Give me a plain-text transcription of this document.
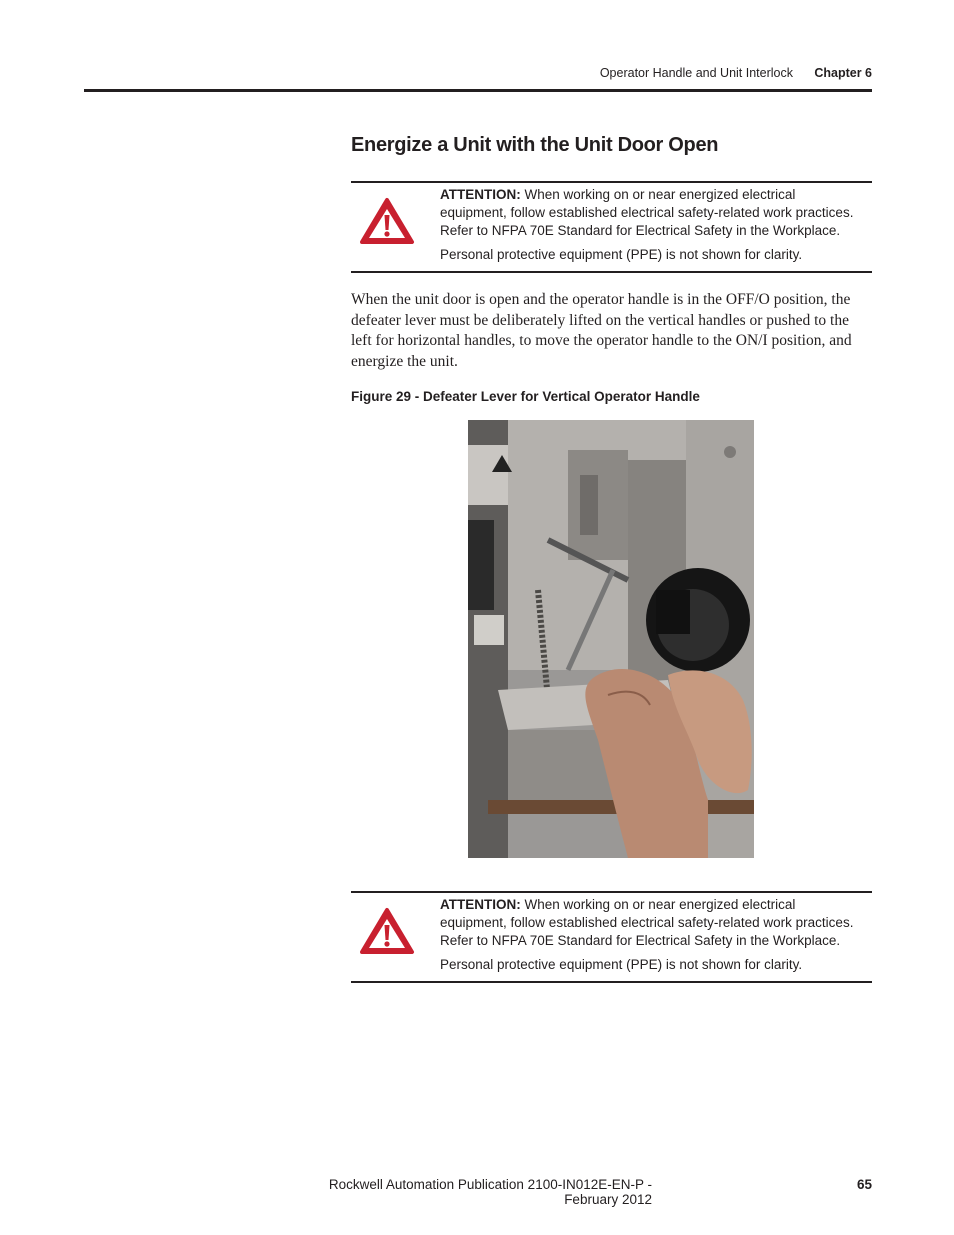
Operator Handle and Unit Interlock	Chapter 6
Energize a Unit with the Unit Door Open
ATTENTION: When working on or near energized electrical equipment, follow established electrical safety-related work practices. Refer to NFPA 70E Standard for Electrical Safety in the Workplace.
Personal protective equipment (PPE) is not shown for clarity.
When the unit door is open and the operator handle is in the OFF/O position, the defeater lever must be deliberately lifted on the vertical handles or pushed to the left for horizontal handles, to move the operator handle to the ON/I position, and energize the unit.
Figure 29 - Defeater Lever for Vertical Operator Handle
ATTENTION: When working on or near energized electrical equipment, follow established electrical safety-related work practices. Refer to NFPA 70E Standard for Electrical Safety in the Workplace.
Personal protective equipment (PPE) is not shown for clarity.
Rockwell Automation Publication 2100-IN012E-EN-P - February 2012
65
